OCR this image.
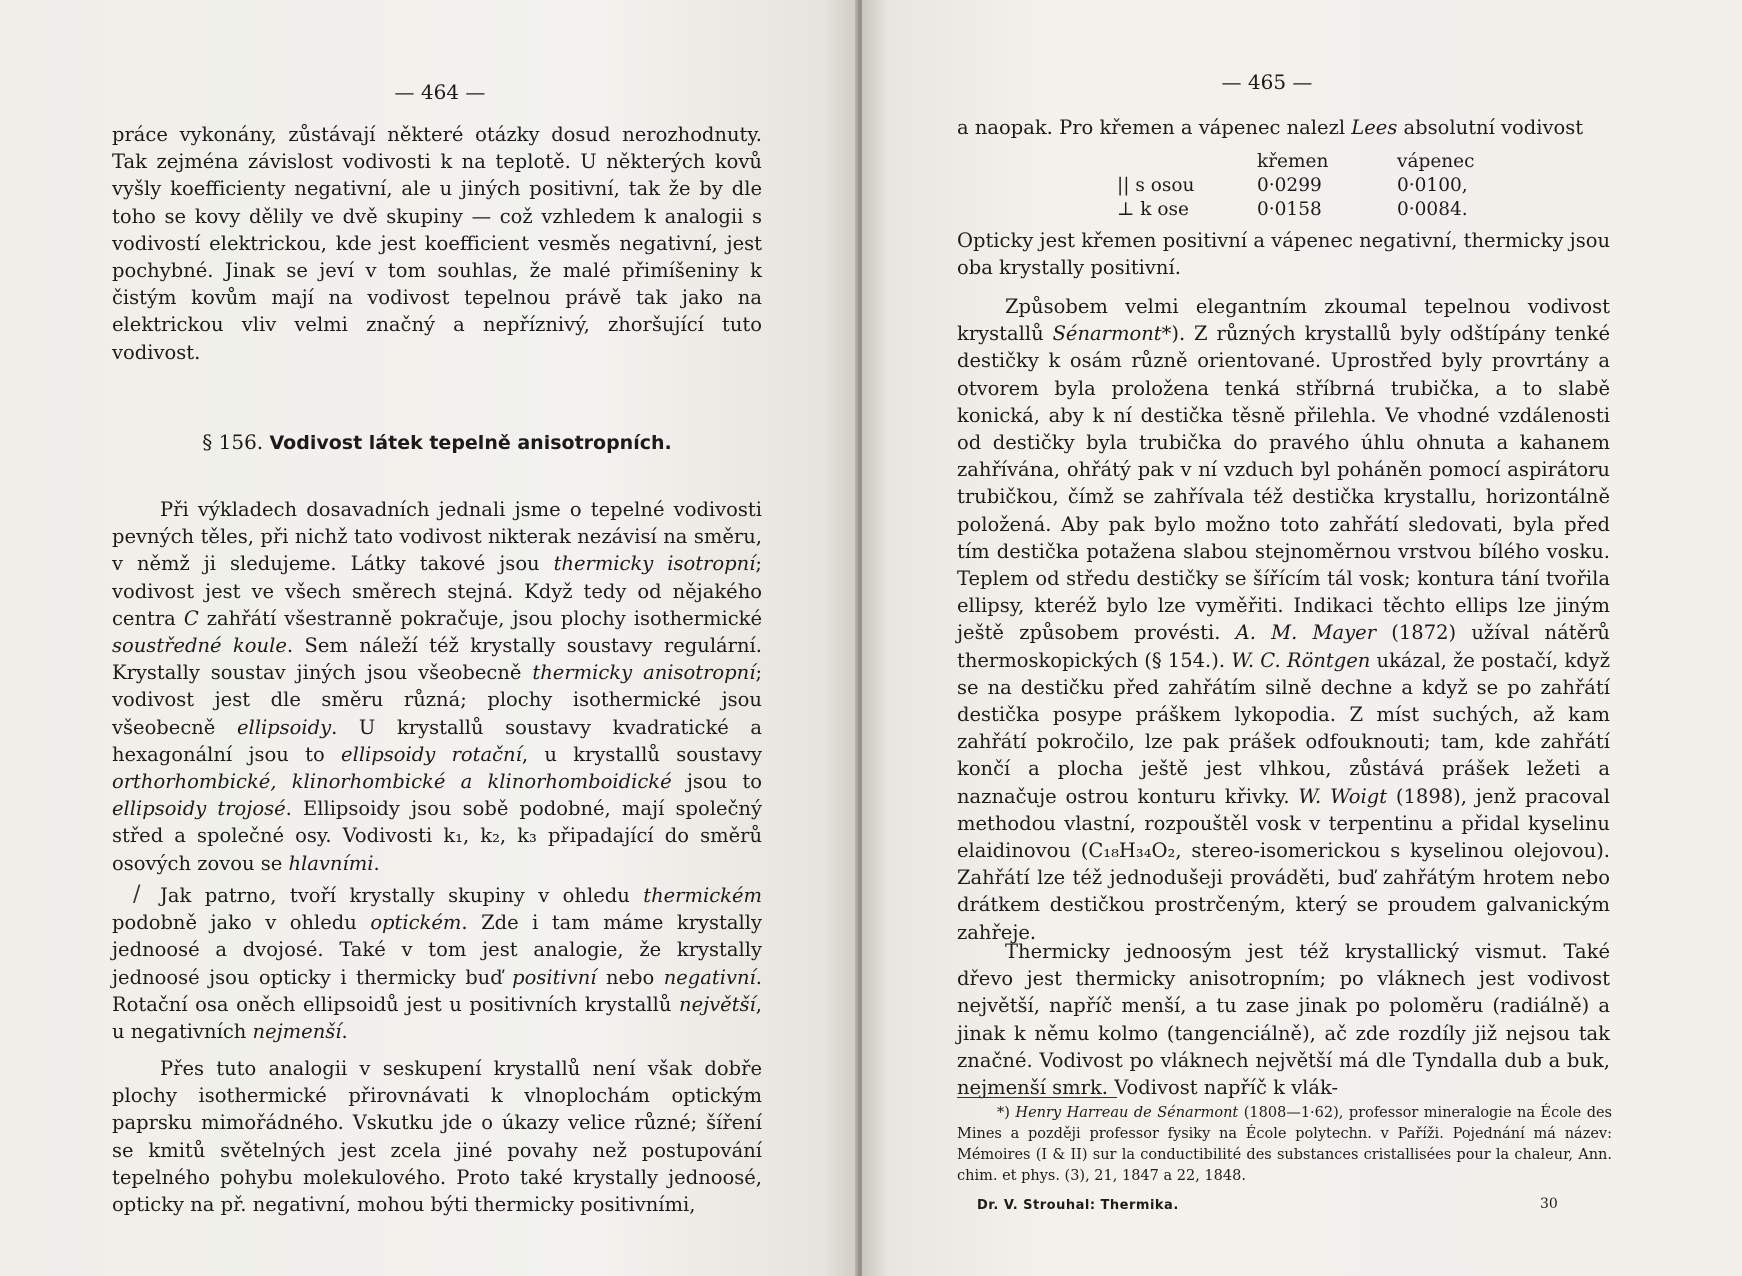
— 464 —

práce vykonány, zůstávají některé otázky dosud nerozhodnuty. Tak zejména závislost vodivosti k na teplotě. U některých kovů vyšly koefficienty negativní, ale u jiných positivní, tak že by dle toho se kovy dělily ve dvě skupiny — což vzhledem k analogii s vodivostí elektrickou, kde jest koefficient vesměs negativní, jest pochybné. Jinak se jeví v tom souhlas, že malé přimíšeniny k čistým kovům mají na vodivost tepelnou právě tak jako na elektrickou vliv velmi značný a nepříznivý, zhoršující tuto vodivost.

§ 156. Vodivost látek tepelně anisotropních.

Při výkladech dosavadních jednali jsme o tepelné vodivosti pevných těles, při nichž tato vodivost nikterak nezávisí na směru, v němž ji sledujeme. Látky takové jsou thermicky isotropní; vodivost jest ve všech směrech stejná. Když tedy od nějakého centra C zahřátí všestranně pokračuje, jsou plochy isothermické soustředné koule. Sem náleží též krystally soustavy regulární. Krystally soustav jiných jsou všeobecně thermicky anisotropní; vodivost jest dle směru různá; plochy isothermické jsou všeobecně ellipsoidy. U krystallů soustavy kvadratické a hexagonální jsou to ellipsoidy rotační, u krystallů soustavy orthorhombické, klinorhombické a klinorhomboidické jsou to ellipsoidy trojosé. Ellipsoidy jsou sobě podobné, mají společný střed a společné osy. Vodivosti k₁, k₂, k₃ připadající do směrů osových zovou se hlavními.

/	Jak patrno, tvoří krystally skupiny v ohledu thermickém podobně jako v ohledu optickém. Zde i tam máme krystally jednoosé a dvojosé. Také v tom jest analogie, že krystally jednoosé jsou opticky i thermicky buď positivní nebo negativní. Rotační osa oněch ellipsoidů jest u positivních krystallů největší, u negativních nejmenší.

Přes tuto analogii v seskupení krystallů není však dobře plochy isothermické přirovnávati k vlnoplochám optickým paprsku mimořádného. Vskutku jde o úkazy velice různé; šíření se kmitů světelných jest zcela jiné povahy než postupování tepelného pohybu molekulového. Proto také krystally jednoosé, opticky na př. negativní, mohou býti thermicky positivními,

— 465 —

a naopak. Pro křemen a vápenec nalezl Lees absolutní vodivost

křemen	vápenec
|| s osou	0·0299	0·0100,
⊥ k ose	0·0158	0·0084.

Opticky jest křemen positivní a vápenec negativní, thermicky jsou oba krystally positivní.

Způsobem velmi elegantním zkoumal tepelnou vodivost krystallů Sénarmont*). Z různých krystallů byly odštípány tenké destičky k osám různě orientované. Uprostřed byly provrtány a otvorem byla proložena tenká stříbrná trubička, a to slabě konická, aby k ní destička těsně přilehla. Ve vhodné vzdálenosti od destičky byla trubička do pravého úhlu ohnuta a kahanem zahřívána, ohřátý pak v ní vzduch byl poháněn pomocí aspirátoru trubičkou, čímž se zahřívala též destička krystallu, horizontálně položená. Aby pak bylo možno toto zahřátí sledovati, byla před tím destička potažena slabou stejnoměrnou vrstvou bílého vosku. Teplem od středu destičky se šířícím tál vosk; kontura tání tvořila ellipsy, kteréž bylo lze vyměřiti. Indikaci těchto ellips lze jiným ještě způsobem provésti. A. M. Mayer (1872) užíval nátěrů thermoskopických (§ 154.). W. C. Röntgen ukázal, že postačí, když se na destičku před zahřátím silně dechne a když se po zahřátí destička posype práškem lykopodia. Z míst suchých, až kam zahřátí pokročilo, lze pak prášek odfouknouti; tam, kde zahřátí končí a plocha ještě jest vlhkou, zůstává prášek ležeti a naznačuje ostrou konturu křivky. W. Woigt (1898), jenž pracoval methodou vlastní, rozpouštěl vosk v terpentinu a přidal kyselinu elaidinovou (C₁₈H₃₄O₂, stereo-isomerickou s kyselinou olejovou). Zahřátí lze též jednodušeji prováděti, buď zahřátým hrotem nebo drátkem destičkou prostrčeným, který se proudem galvanickým zahřeje.

Thermicky jednoosým jest též krystallický vismut. Také dřevo jest thermicky anisotropním; po vláknech jest vodivost největší, napříč menší, a tu zase jinak po poloměru (radiálně) a jinak k němu kolmo (tangenciálně), ač zde rozdíly již nejsou tak značné. Vodivost po vláknech největší má dle Tyndalla dub a buk, nejmenší smrk. Vodivost napříč k vlák-

*) Henry Harreau de Sénarmont (1808—1·62), professor mineralogie na École des Mines a později professor fysiky na École polytechn. v Paříži. Pojednání má název: Mémoires (I & II) sur la conductibilité des substances cristallisées pour la chaleur, Ann. chim. et phys. (3), 21, 1847 a 22, 1848.

Dr. V. Strouhal: Thermika.	30
